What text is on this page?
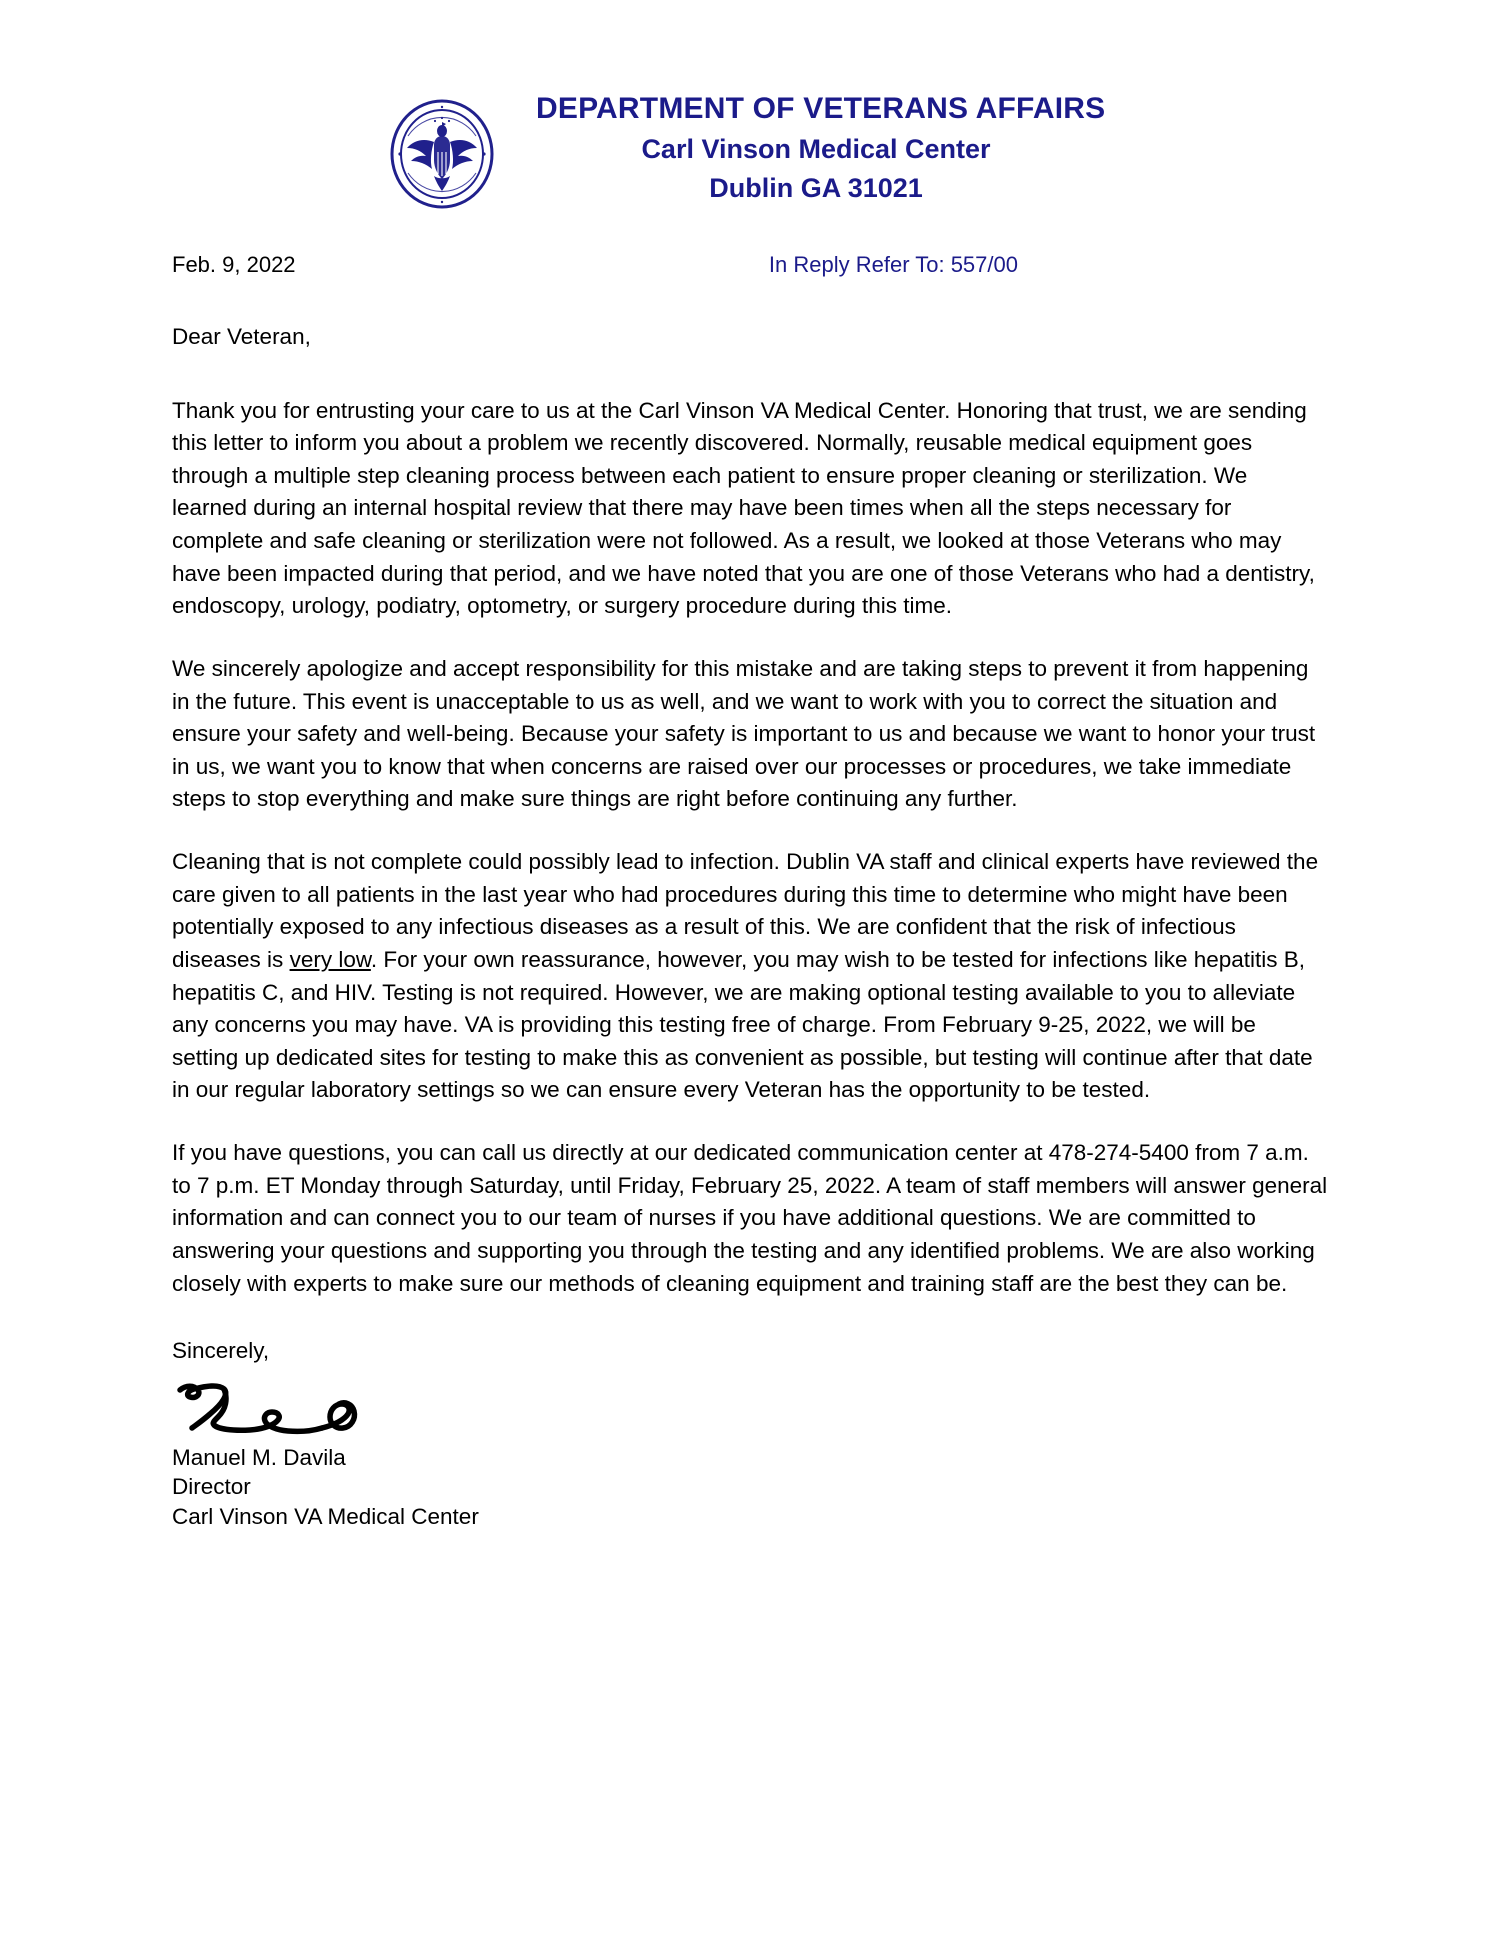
DEPARTMENT OF VETERANS AFFAIRS
Carl Vinson Medical Center
Dublin GA 31021
Feb. 9, 2022	In Reply Refer To: 557/00
Dear Veteran,

Thank you for entrusting your care to us at the Carl Vinson VA Medical Center. Honoring that trust, we are sending this letter to inform you about a problem we recently discovered. Normally, reusable medical equipment goes through a multiple step cleaning process between each patient to ensure proper cleaning or sterilization. We learned during an internal hospital review that there may have been times when all the steps necessary for complete and safe cleaning or sterilization were not followed. As a result, we looked at those Veterans who may have been impacted during that period, and we have noted that you are one of those Veterans who had a dentistry, endoscopy, urology, podiatry, optometry, or surgery procedure during this time.

We sincerely apologize and accept responsibility for this mistake and are taking steps to prevent it from happening in the future. This event is unacceptable to us as well, and we want to work with you to correct the situation and ensure your safety and well-being. Because your safety is important to us and because we want to honor your trust in us, we want you to know that when concerns are raised over our processes or procedures, we take immediate steps to stop everything and make sure things are right before continuing any further.

Cleaning that is not complete could possibly lead to infection. Dublin VA staff and clinical experts have reviewed the care given to all patients in the last year who had procedures during this time to determine who might have been potentially exposed to any infectious diseases as a result of this. We are confident that the risk of infectious diseases is very low. For your own reassurance, however, you may wish to be tested for infections like hepatitis B, hepatitis C, and HIV. Testing is not required. However, we are making optional testing available to you to alleviate any concerns you may have. VA is providing this testing free of charge. From February 9-25, 2022, we will be setting up dedicated sites for testing to make this as convenient as possible, but testing will continue after that date in our regular laboratory settings so we can ensure every Veteran has the opportunity to be tested.

If you have questions, you can call us directly at our dedicated communication center at 478-274-5400 from 7 a.m. to 7 p.m. ET Monday through Saturday, until Friday, February 25, 2022. A team of staff members will answer general information and can connect you to our team of nurses if you have additional questions. We are committed to answering your questions and supporting you through the testing and any identified problems. We are also working closely with experts to make sure our methods of cleaning equipment and training staff are the best they can be.

Sincerely,
Manuel M. Davila
Director
Carl Vinson VA Medical Center
